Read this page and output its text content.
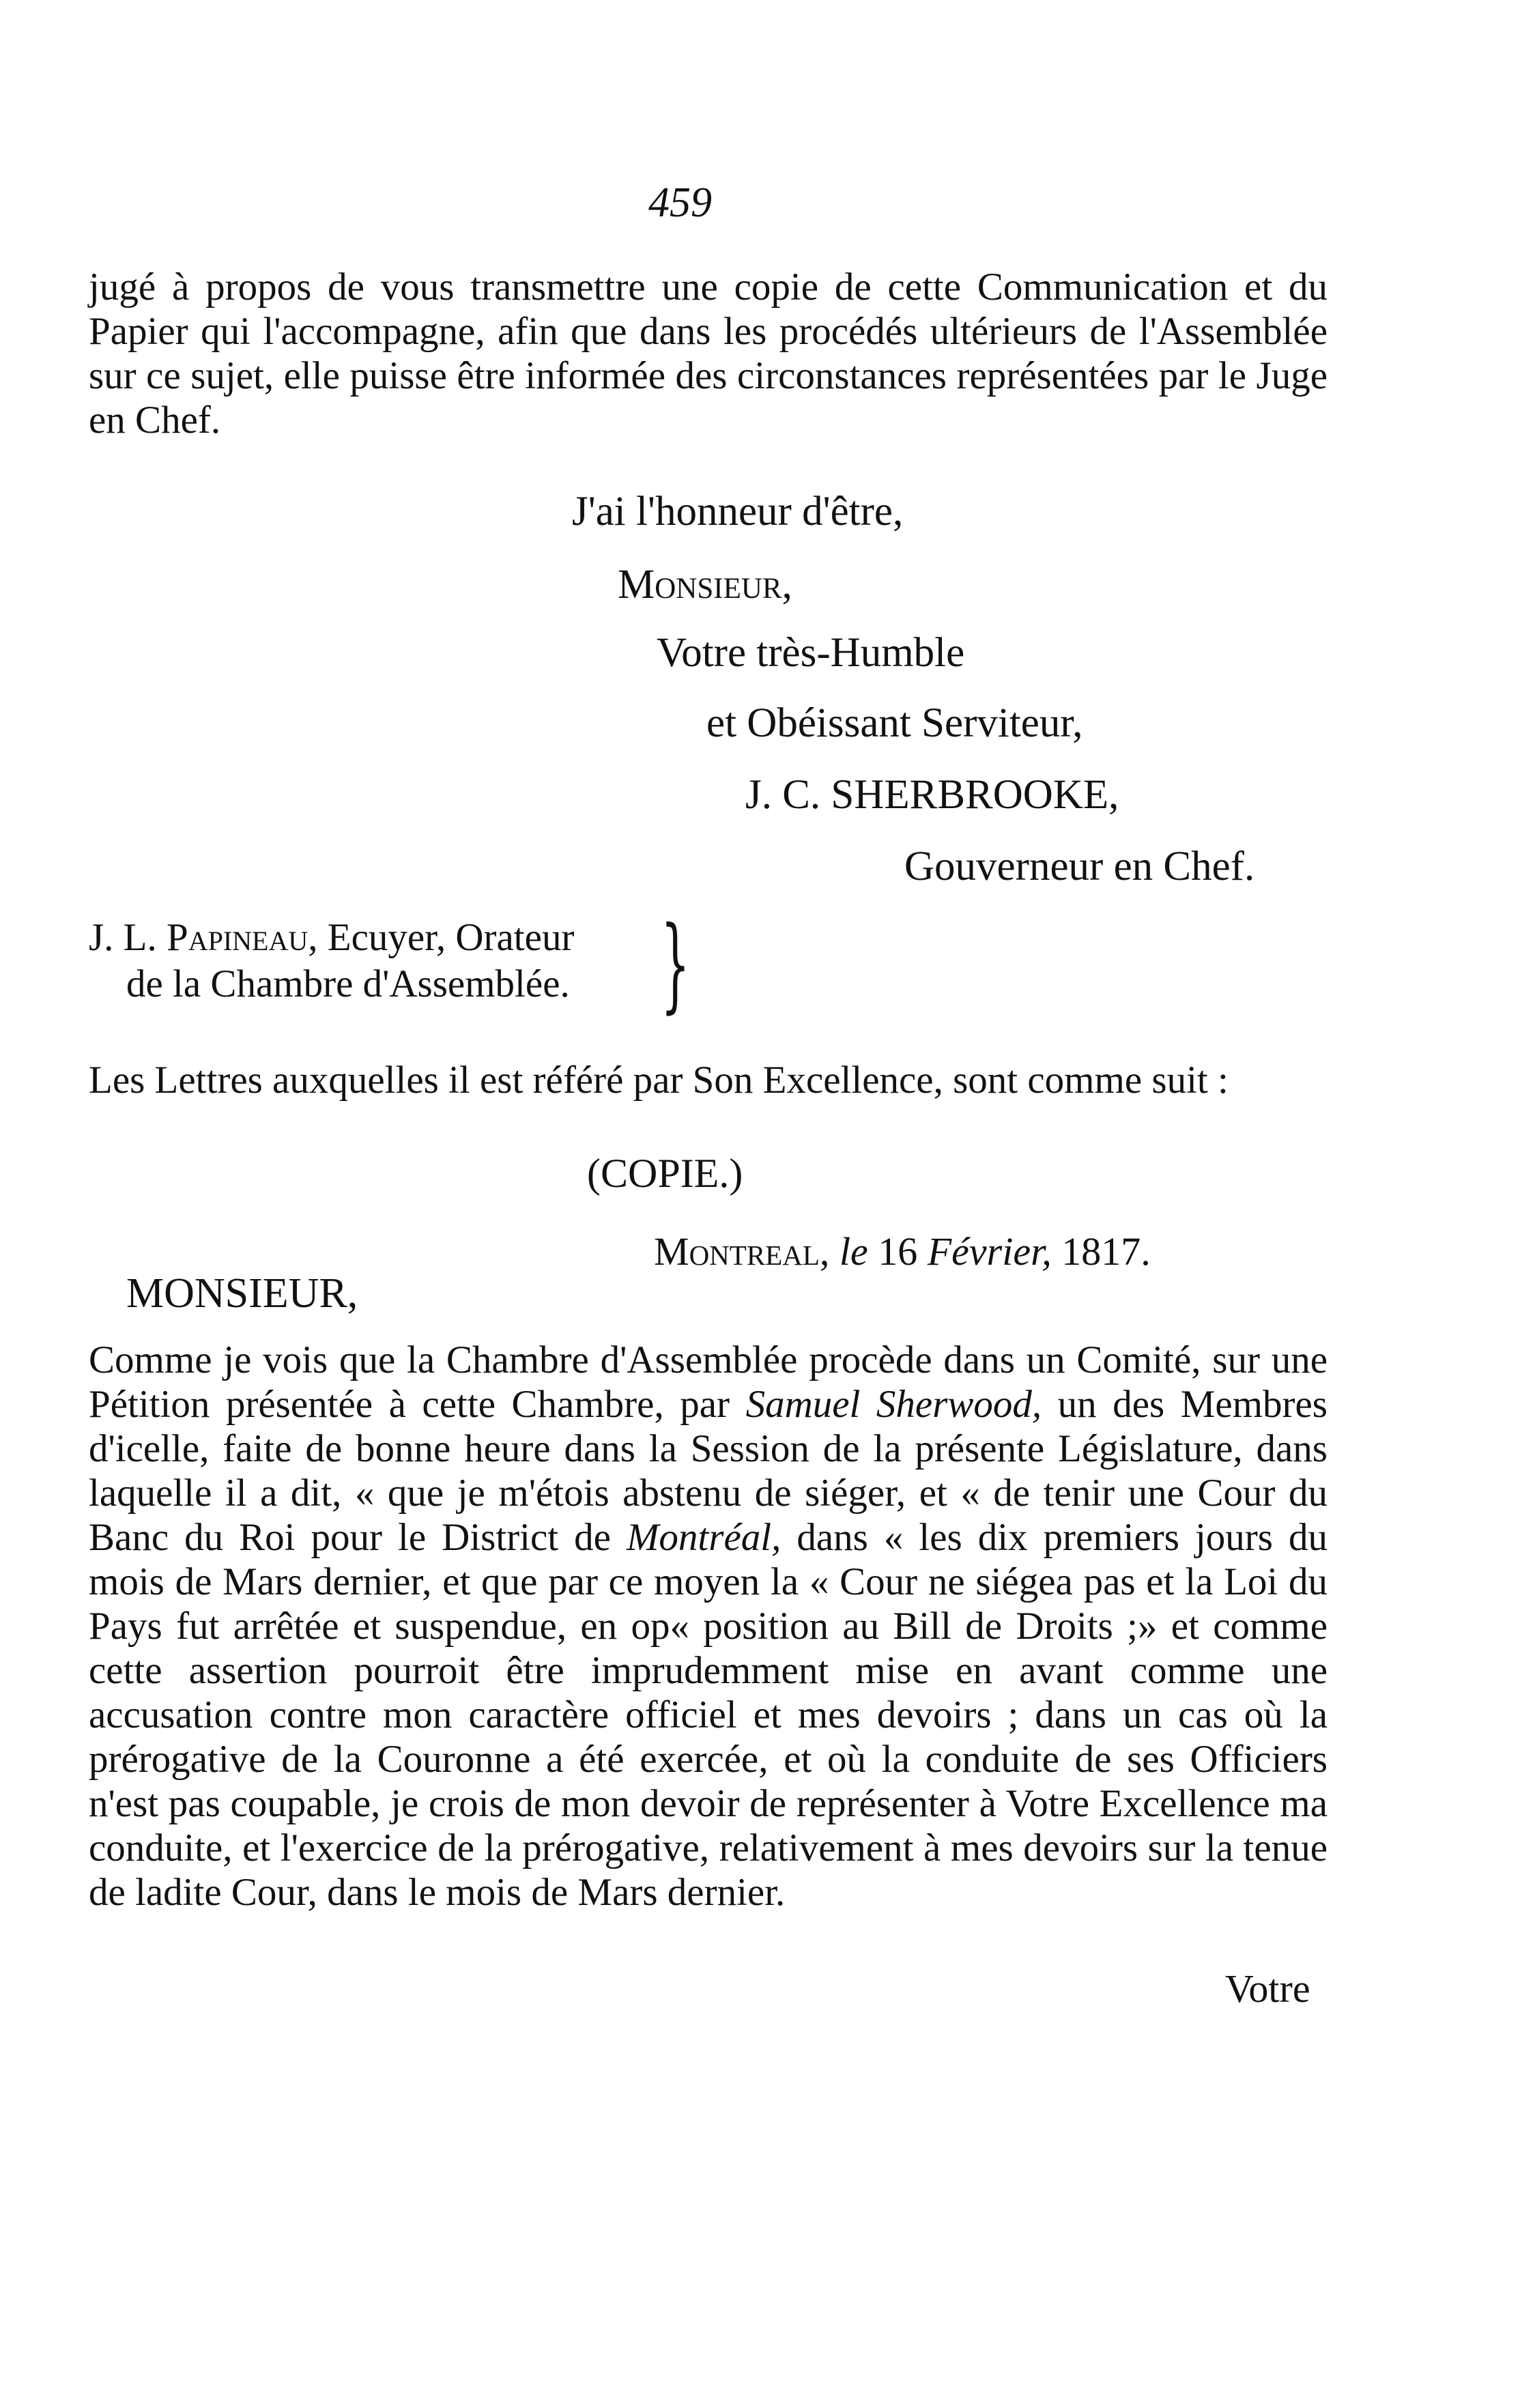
459
jugé à propos de vous transmettre une copie de cette Communication et du Papier qui l'accompagne, afin que dans les procédés ultérieurs de l'Assemblée sur ce sujet, elle puisse être informée des circonstances représentées par le Juge en Chef.
J'ai l'honneur d'être,
Monsieur,
Votre très-Humble
et Obéissant Serviteur,
J. C. SHERBROOKE,
Gouverneur en Chef.
J. L. Papineau, Ecuyer, Orateur
de la Chambre d'Assemblée. }
Les Lettres auxquelles il est référé par Son Excellence, sont comme suit :
(COPIE.)
Montreal, le 16 Février, 1817.
MONSIEUR,
Comme je vois que la Chambre d'Assemblée procède dans un Comité, sur une Pétition présentée à cette Chambre, par Samuel Sherwood, un des Membres d'icelle, faite de bonne heure dans la Session de la présente Législature, dans laquelle il a dit, « que je m'étois abstenu de siéger, et « de tenir une Cour du Banc du Roi pour le District de Montréal, dans « les dix premiers jours du mois de Mars dernier, et que par ce moyen la « Cour ne siégea pas et la Loi du Pays fut arrêtée et suspendue, en op« position au Bill de Droits ;» et comme cette assertion pourroit être imprudemment mise en avant comme une accusation contre mon caractère officiel et mes devoirs ; dans un cas où la prérogative de la Couronne a été exercée, et où la conduite de ses Officiers n'est pas coupable, je crois de mon devoir de représenter à Votre Excellence ma conduite, et l'exercice de la prérogative, relativement à mes devoirs sur la tenue de ladite Cour, dans le mois de Mars dernier.
Votre
